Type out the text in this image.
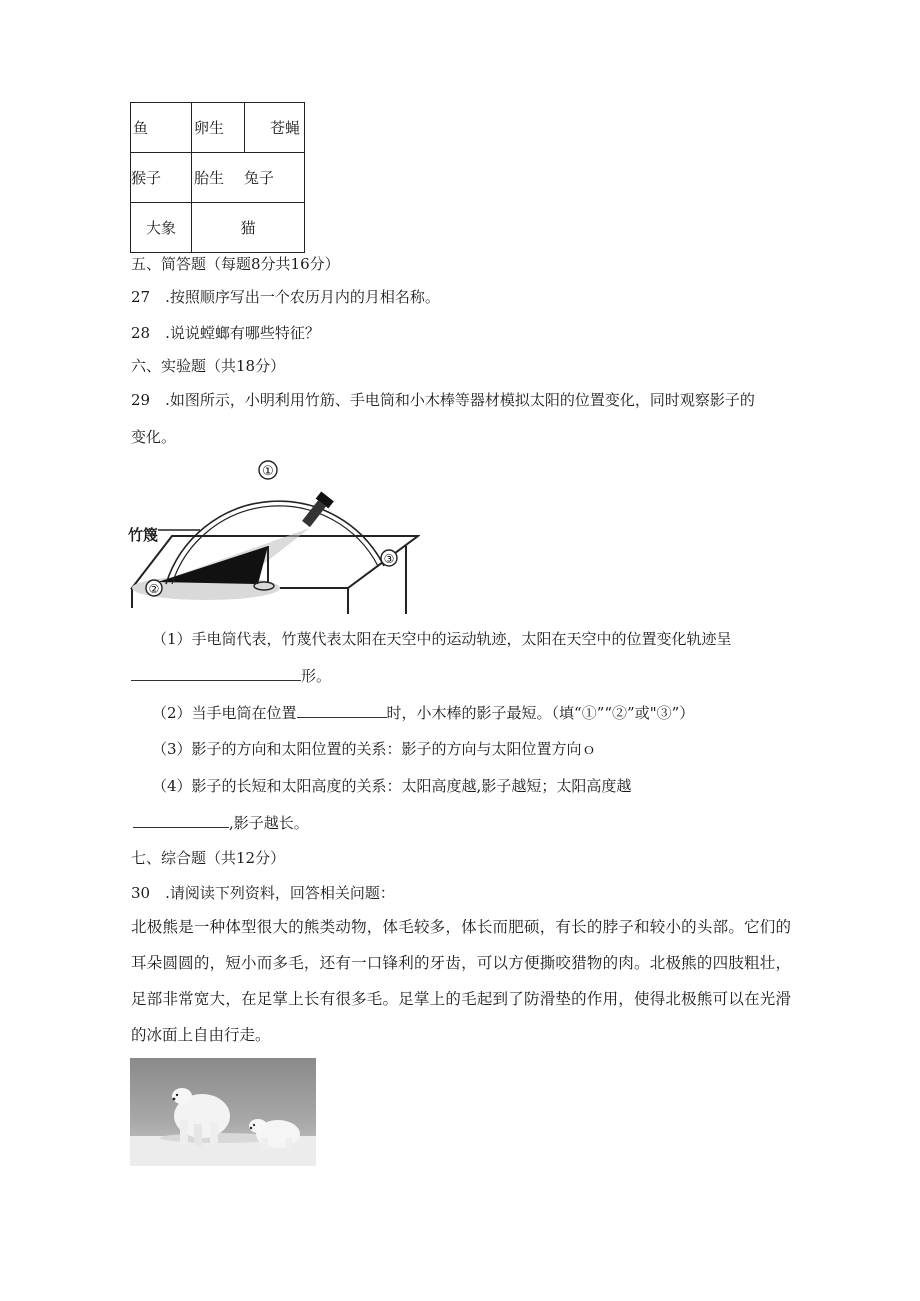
鱼	卵生	苍蝇
猴子	胎生 兔子	
大象	猫	
五、简答题（每题8分共16分）
27　.按照顺序写出一个农历月内的月相名称。
28　.说说螳螂有哪些特征？
六、实验题（共18分）
29　.如图所示，小明利用竹筋、手电筒和小木棒等器材模拟太阳的位置变化，同时观察影子的
变化。
①
②
③
竹篾
（1）手电筒代表，竹蔑代表太阳在天空中的运动轨迹，太阳在天空中的位置变化轨迹呈
形。
（2）当手电筒在位置	时，小木棒的影子最短。（填“①”“②”或"③”）
（3）影子的方向和太阳位置的关系：影子的方向与太阳位置方向ｏ
（4）影子的长短和太阳高度的关系：太阳高度越,影子越短；太阳高度越
,影子越长。
七、综合题（共12分）
30　.请阅读下列资料，回答相关问题：
北极熊是一种体型很大的熊类动物，体毛较多，体长而肥硕，有长的脖子和较小的头部。它们的耳朵圆圆的，短小而多毛，还有一口锋利的牙齿，可以方便撕咬猎物的肉。北极熊的四肢粗壮，足部非常宽大，在足掌上长有很多毛。足掌上的毛起到了防滑垫的作用，使得北极熊可以在光滑的冰面上自由行走。
